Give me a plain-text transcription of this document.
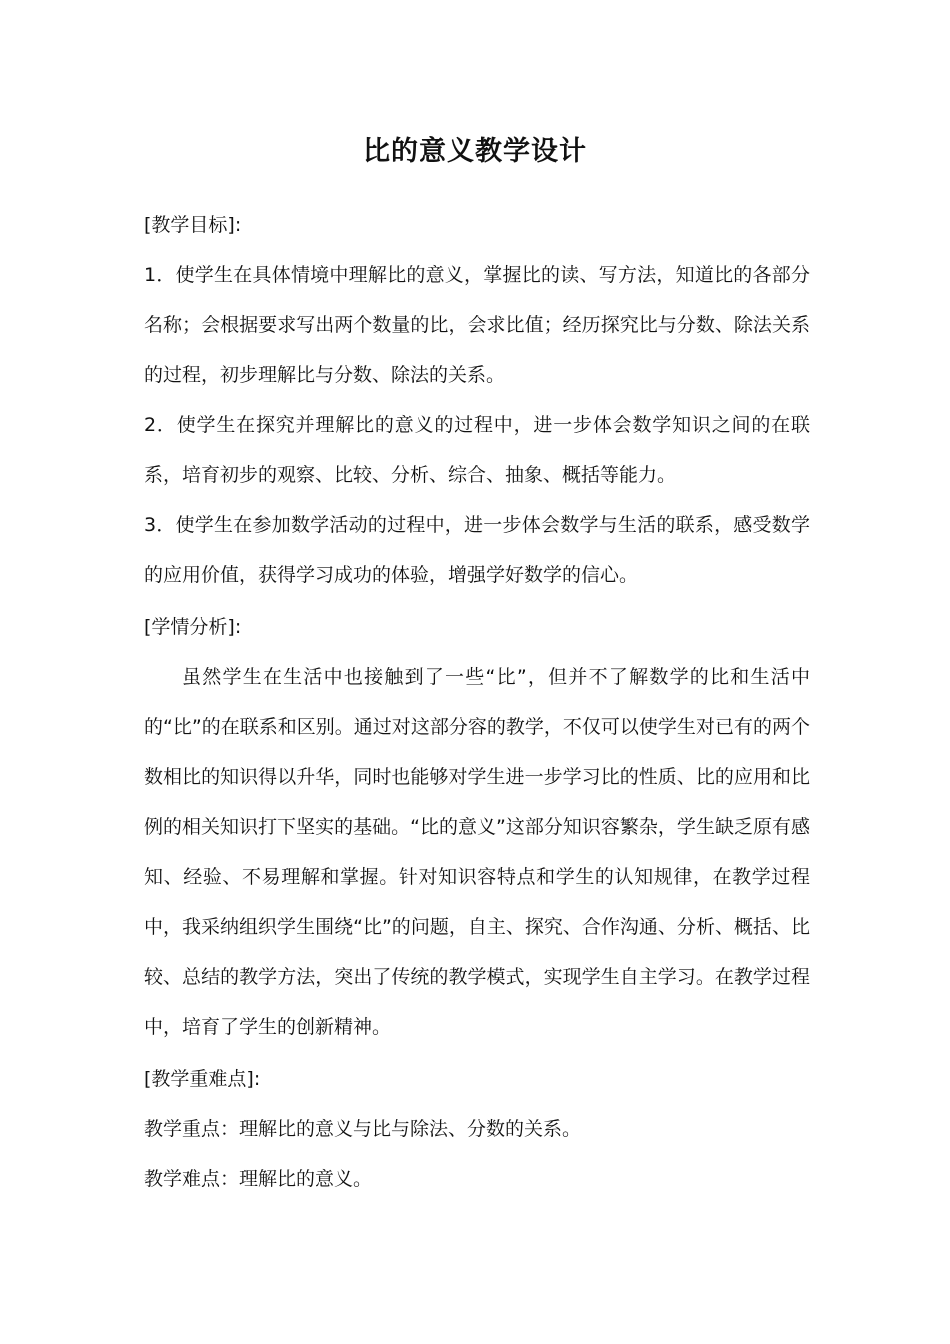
比的意义教学设计

[教学目标]:

1．使学生在具体情境中理解比的意义，掌握比的读、写方法，知道比的各部分名称；会根据要求写出两个数量的比，会求比值；经历探究比与分数、除法关系的过程，初步理解比与分数、除法的关系。

2．使学生在探究并理解比的意义的过程中，进一步体会数学知识之间的在联系，培育初步的观察、比较、分析、综合、抽象、概括等能力。

3．使学生在参加数学活动的过程中，进一步体会数学与生活的联系，感受数学的应用价值，获得学习成功的体验，增强学好数学的信心。

[学情分析]:

虽然学生在生活中也接触到了一些“比”，但并不了解数学的比和生活中的“比”的在联系和区别。通过对这部分容的教学，不仅可以使学生对已有的两个数相比的知识得以升华，同时也能够对学生进一步学习比的性质、比的应用和比例的相关知识打下坚实的基础。“比的意义”这部分知识容繁杂，学生缺乏原有感知、经验、不易理解和掌握。针对知识容特点和学生的认知规律，在教学过程中，我采纳组织学生围绕“比”的问题，自主、探究、合作沟通、分析、概括、比较、总结的教学方法，突出了传统的教学模式，实现学生自主学习。在教学过程中，培育了学生的创新精神。

[教学重难点]:

教学重点：理解比的意义与比与除法、分数的关系。

教学难点：理解比的意义。
